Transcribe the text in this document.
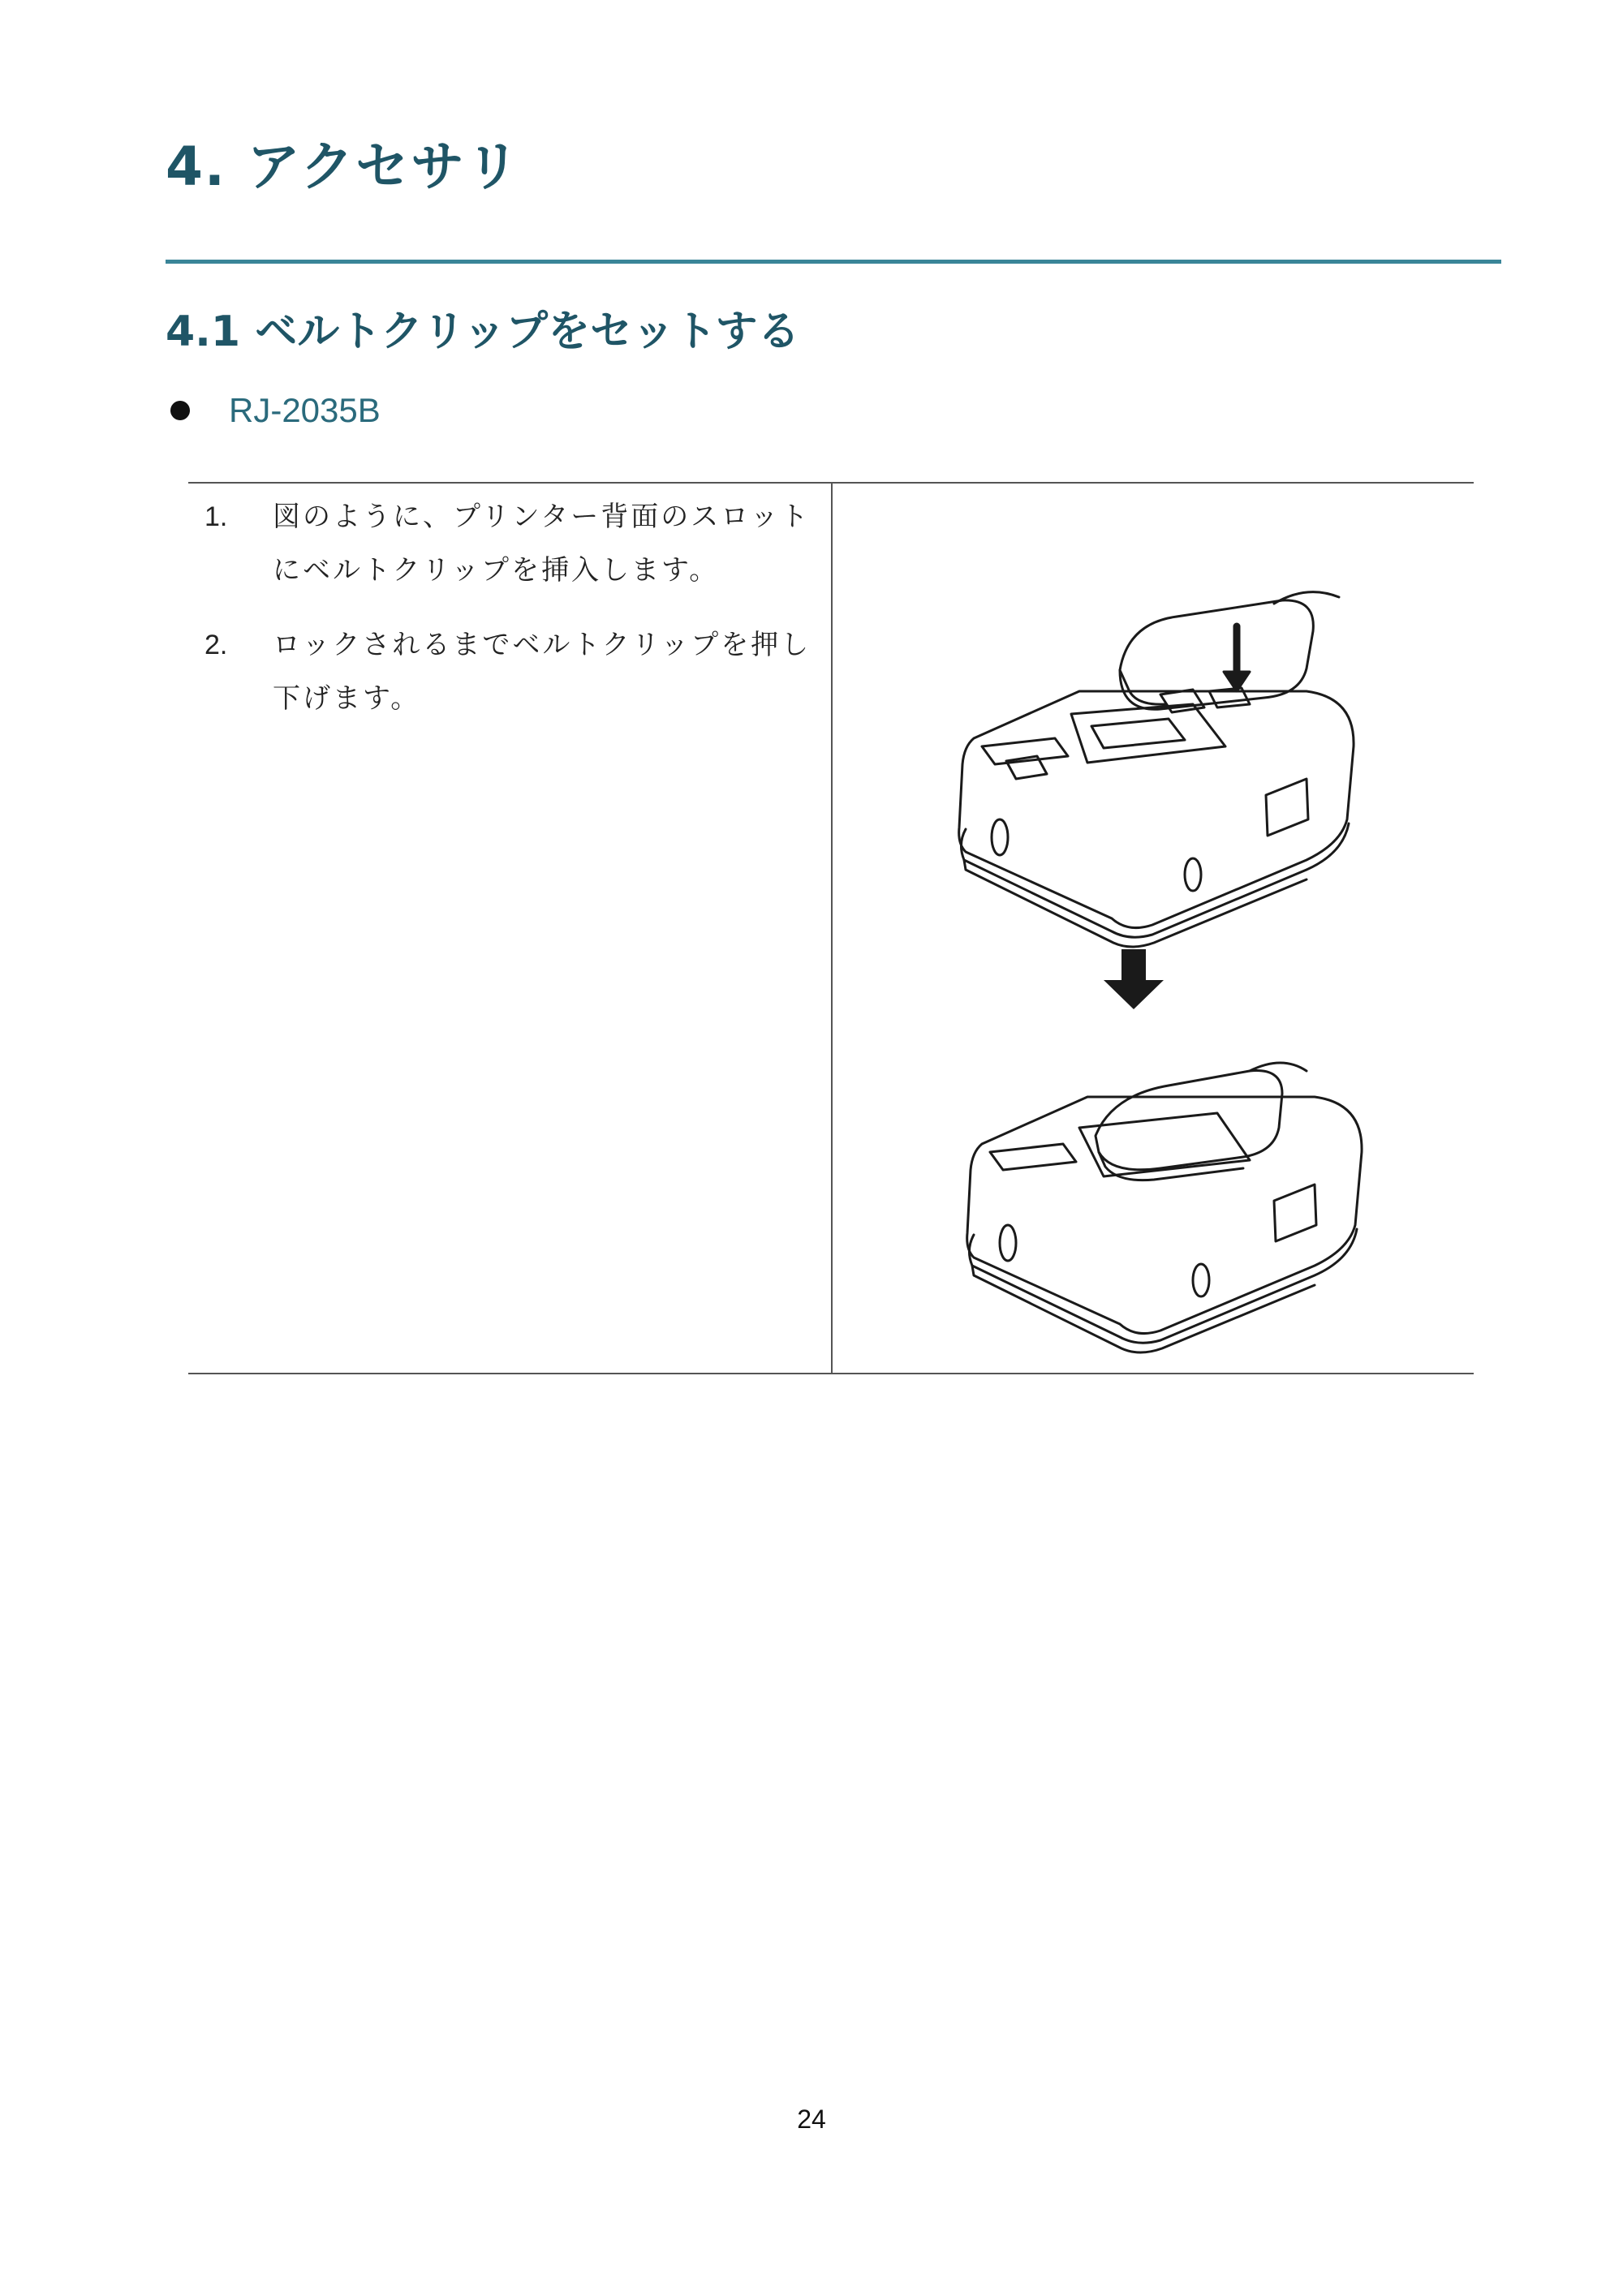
4. アクセサリ
4.1 ベルトクリップをセットする
RJ-2035B
1.	図のように、プリンター背面のスロットにベルトクリップを挿入します。
2.	ロックされるまでベルトクリップを押し下げます。
24
